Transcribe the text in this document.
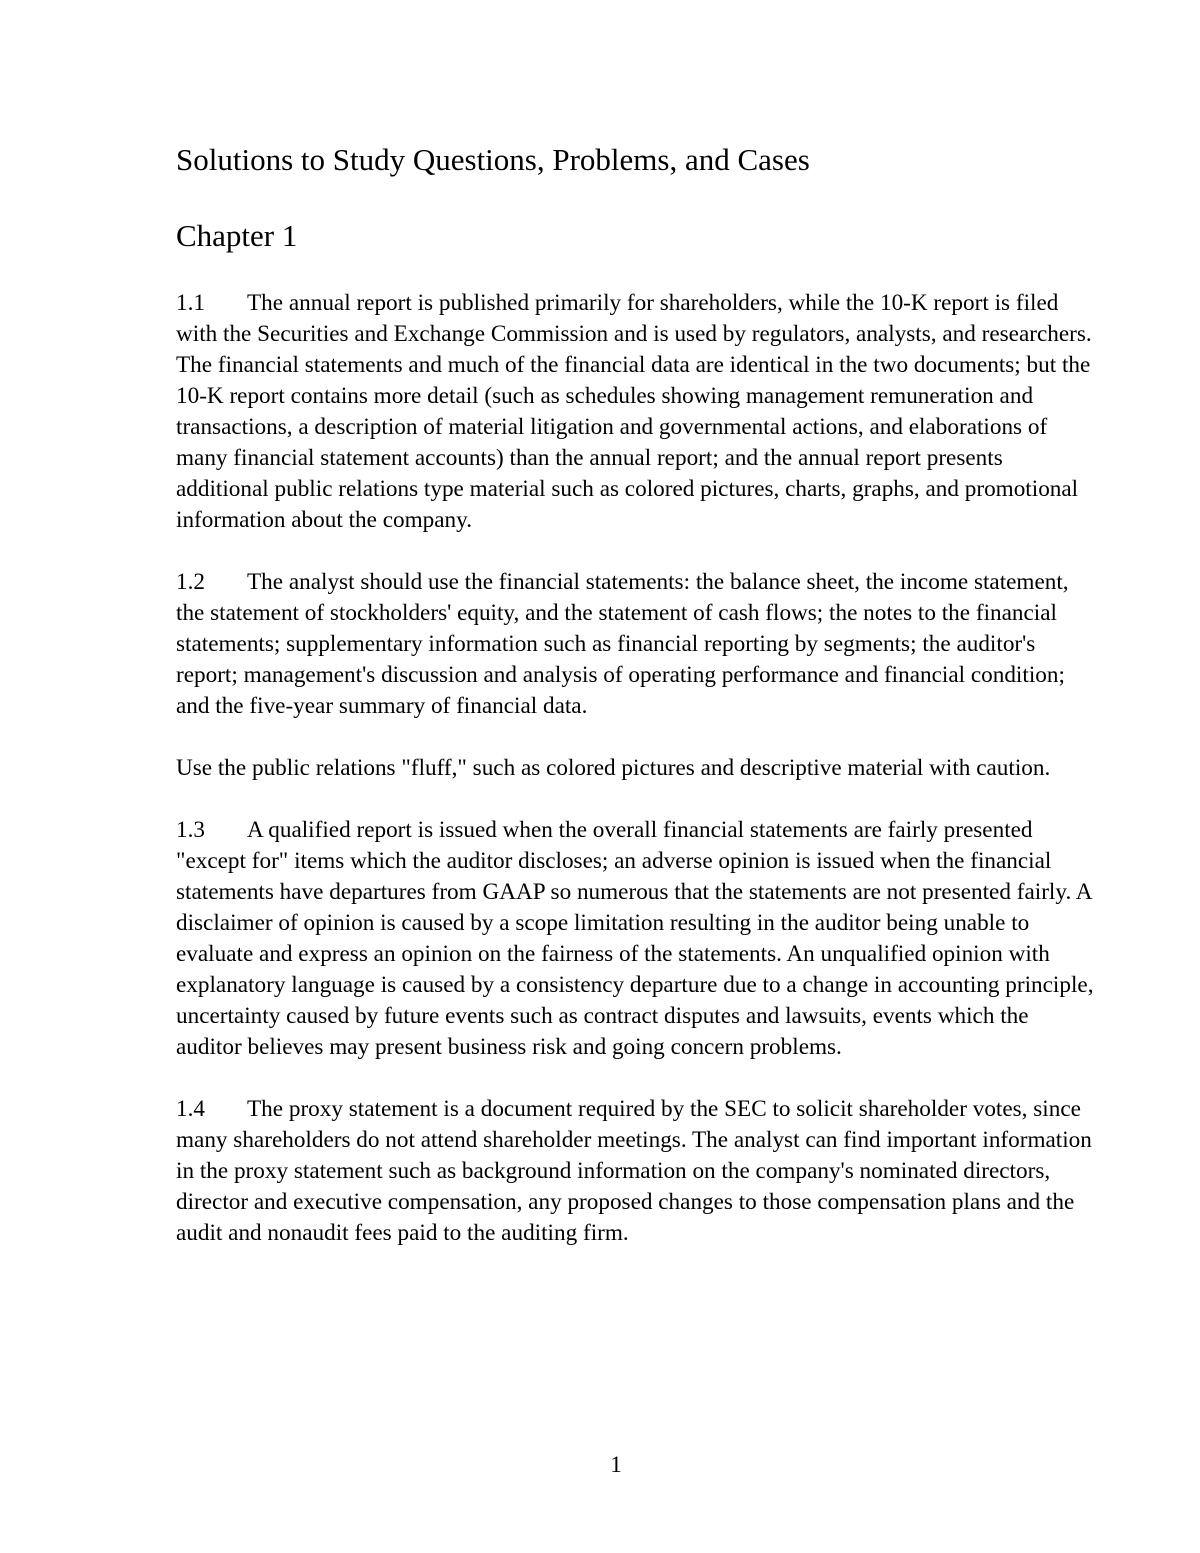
Solutions to Study Questions, Problems, and Cases
Chapter 1

1.1 The annual report is published primarily for shareholders, while the 10-K report is filed with the Securities and Exchange Commission and is used by regulators, analysts, and researchers. The financial statements and much of the financial data are identical in the two documents; but the 10-K report contains more detail (such as schedules showing management remuneration and transactions, a description of material litigation and governmental actions, and elaborations of many financial statement accounts) than the annual report; and the annual report presents additional public relations type material such as colored pictures, charts, graphs, and promotional information about the company.

1.2 The analyst should use the financial statements: the balance sheet, the income statement, the statement of stockholders' equity, and the statement of cash flows; the notes to the financial statements; supplementary information such as financial reporting by segments; the auditor's report; management's discussion and analysis of operating performance and financial condition; and the five-year summary of financial data.

Use the public relations "fluff," such as colored pictures and descriptive material with caution.

1.3 A qualified report is issued when the overall financial statements are fairly presented "except for" items which the auditor discloses; an adverse opinion is issued when the financial statements have departures from GAAP so numerous that the statements are not presented fairly. A disclaimer of opinion is caused by a scope limitation resulting in the auditor being unable to evaluate and express an opinion on the fairness of the statements. An unqualified opinion with explanatory language is caused by a consistency departure due to a change in accounting principle, uncertainty caused by future events such as contract disputes and lawsuits, events which the auditor believes may present business risk and going concern problems.

1.4 The proxy statement is a document required by the SEC to solicit shareholder votes, since many shareholders do not attend shareholder meetings. The analyst can find important information in the proxy statement such as background information on the company's nominated directors, director and executive compensation, any proposed changes to those compensation plans and the audit and nonaudit fees paid to the auditing firm.

1
